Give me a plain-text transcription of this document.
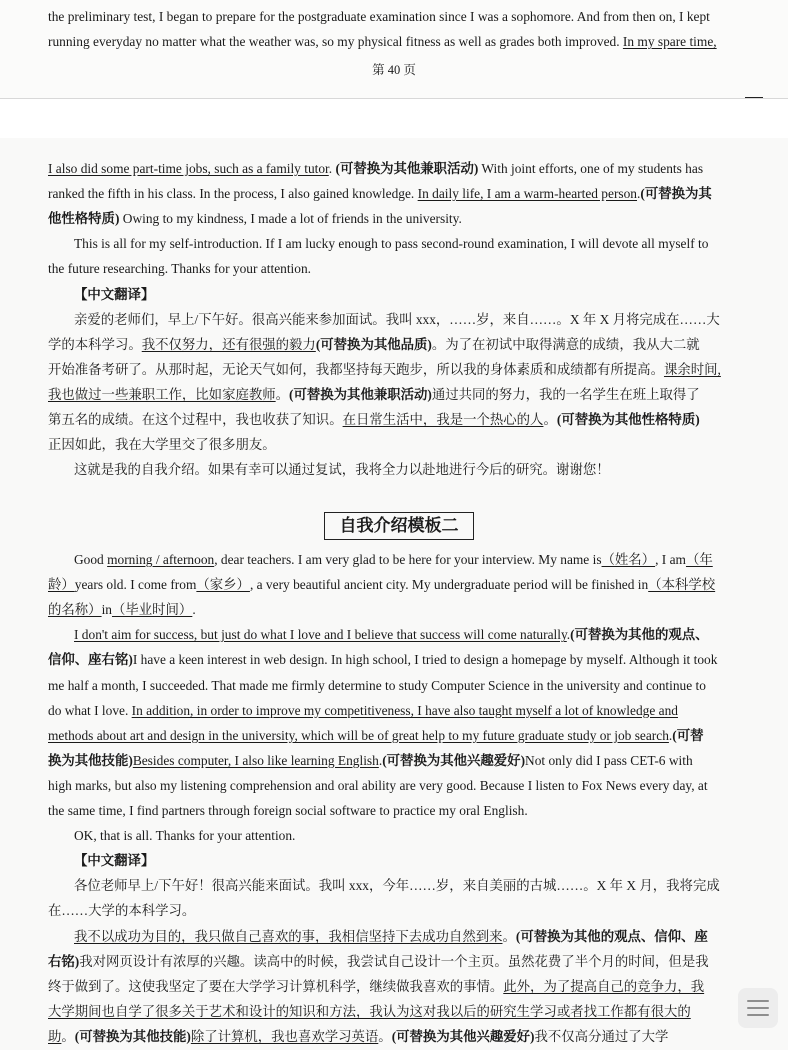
the preliminary test, I began to prepare for the postgraduate examination since I was a sophomore. And from then on, I kept
running everyday no matter what the weather was, so my physical fitness as well as grades both improved. In my spare time,
第 40 页
I also did some part-time jobs, such as a family tutor. (可替换为其他兼职活动) With joint efforts, one of my students has
ranked the fifth in his class. In the process, I also gained knowledge. In daily life, I am a warm-hearted person.(可替换为其
他性格特质) Owing to my kindness, I made a lot of friends in the university.
This is all for my self-introduction. If I am lucky enough to pass second-round examination, I will devote all myself to
the future researching. Thanks for your attention.
【中文翻译】
亲爱的老师们，早上/下午好。很高兴能来参加面试。我叫 xxx，……岁，来自……。X 年 X 月将完成在……大
学的本科学习。我不仅努力，还有很强的毅力(可替换为其他品质)。为了在初试中取得满意的成绩，我从大二就
开始准备考研了。从那时起，无论天气如何，我都坚持每天跑步，所以我的身体素质和成绩都有所提高。课余时间,
我也做过一些兼职工作，比如家庭教师。(可替换为其他兼职活动)通过共同的努力，我的一名学生在班上取得了
第五名的成绩。在这个过程中，我也收获了知识。在日常生活中，我是一个热心的人。(可替换为其他性格特质)
正因如此，我在大学里交了很多朋友。
这就是我的自我介绍。如果有幸可以通过复试，我将全力以赴地进行今后的研究。谢谢您！
Good morning / afternoon, dear teachers. I am very glad to be here for your interview. My name is（姓名）, I am（年
龄）years old. I come from（家乡）, a very beautiful ancient city. My undergraduate period will be finished in（本科学校
的名称）in（毕业时间）.
I don't aim for success, but just do what I love and I believe that success will come naturally.(可替换为其他的观点、
信仰、座右铭)I have a keen interest in web design. In high school, I tried to design a homepage by myself. Although it took
me half a month, I succeeded. That made me firmly determine to study Computer Science in the university and continue to
do what I love. In addition, in order to improve my competitiveness, I have also taught myself a lot of knowledge and
methods about art and design in the university, which will be of great help to my future graduate study or job search.(可替
换为其他技能)Besides computer, I also like learning English.(可替换为其他兴趣爱好)Not only did I pass CET-6 with
high marks, but also my listening comprehension and oral ability are very good. Because I listen to Fox News every day, at
the same time, I find partners through foreign social software to practice my oral English.
OK, that is all. Thanks for your attention.
【中文翻译】
各位老师早上/下午好！很高兴能来面试。我叫 xxx，今年……岁，来自美丽的古城……。X 年 X 月，我将完成
在……大学的本科学习。
我不以成功为目的，我只做自己喜欢的事，我相信坚持下去成功自然到来。(可替换为其他的观点、信仰、座
右铭)我对网页设计有浓厚的兴趣。读高中的时候，我尝试自己设计一个主页。虽然花费了半个月的时间，但是我
终于做到了。这使我坚定了要在大学学习计算机科学，继续做我喜欢的事情。此外，为了提高自己的竞争力，我
大学期间也自学了很多关于艺术和设计的知识和方法，我认为这对我以后的研究生学习或者找工作都有很大的
助。(可替换为其他技能)除了计算机，我也喜欢学习英语。(可替换为其他兴趣爱好)我不仅高分通过了大学
自我介绍模板二
